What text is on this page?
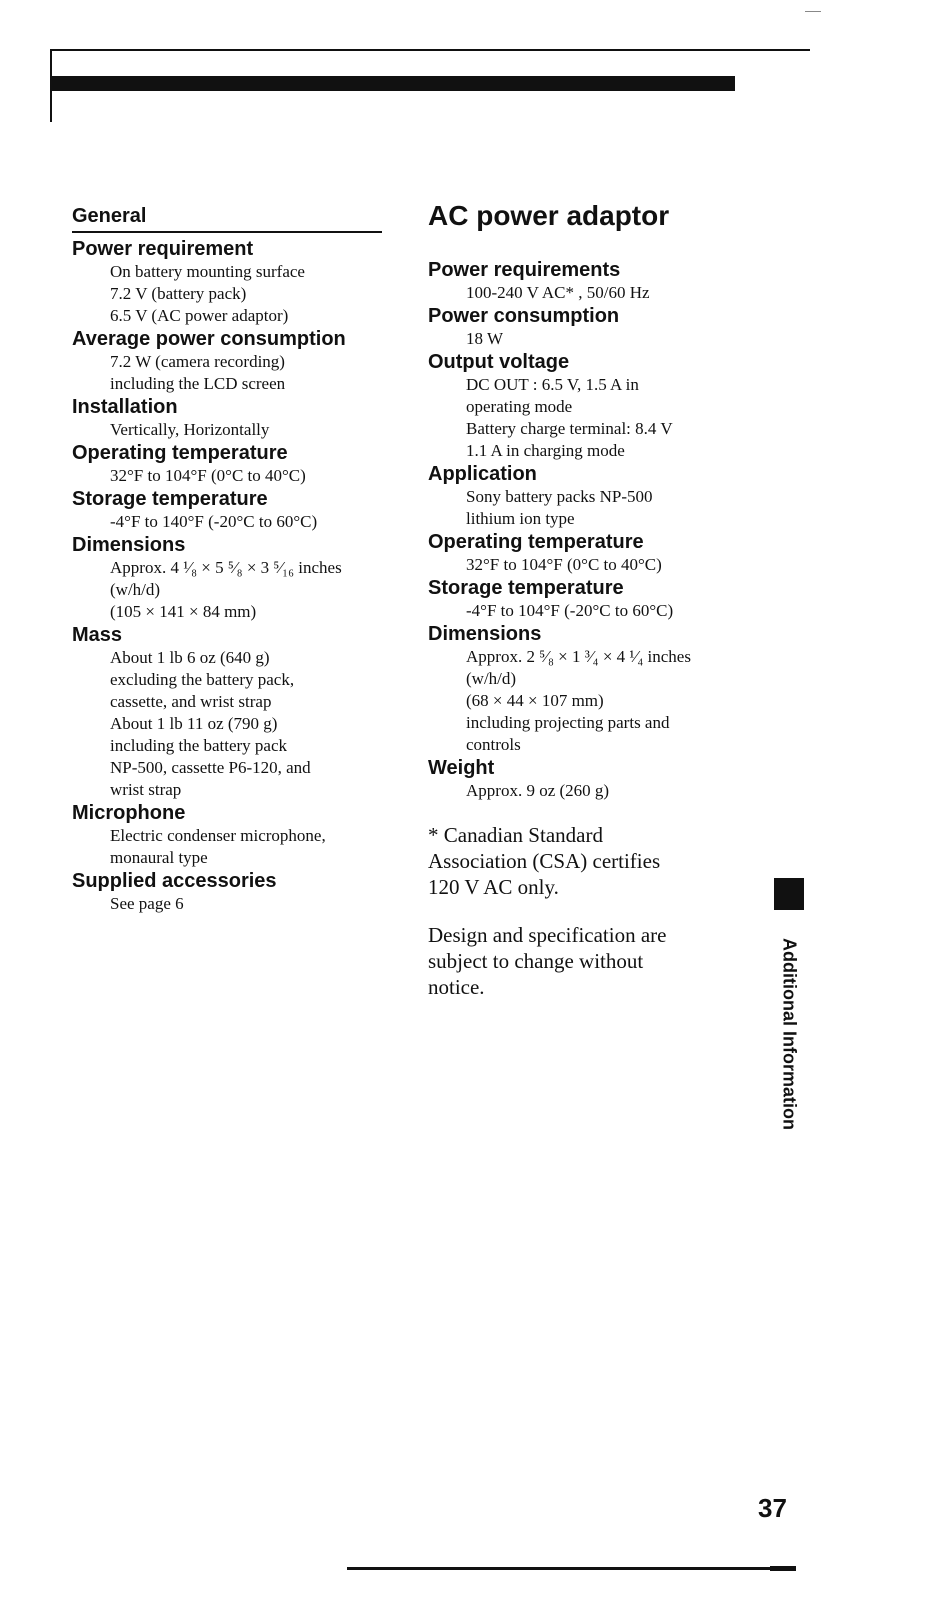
General
Power requirement
On battery mounting surface
7.2 V (battery pack)
6.5 V (AC power adaptor)
Average power consumption
7.2 W (camera recording)
including the LCD screen
Installation
Vertically, Horizontally
Operating temperature
32°F to 104°F (0°C to 40°C)
Storage temperature
-4°F to 140°F (-20°C to 60°C)
Dimensions
Approx. 4 ¹⁄₈ × 5 ⁵⁄₈ × 3 ⁵⁄₁₆ inches
(w/h/d)
(105 × 141 × 84 mm)
Mass
About 1 lb 6 oz (640 g)
excluding the battery pack,
cassette, and wrist strap
About 1 lb 11 oz (790 g)
including the battery pack
NP-500, cassette P6-120, and
wrist strap
Microphone
Electric condenser microphone,
monaural type
Supplied accessories
See page 6
AC power adaptor
Power requirements
100-240 V AC* , 50/60 Hz
Power consumption
18 W
Output voltage
DC OUT : 6.5 V, 1.5 A in
operating mode
Battery charge terminal: 8.4 V
1.1 A in charging mode
Application
Sony battery packs NP-500
lithium ion type
Operating temperature
32°F to 104°F (0°C to 40°C)
Storage temperature
-4°F to 104°F (-20°C to 60°C)
Dimensions
Approx. 2 ⁵⁄₈ × 1 ³⁄₄ × 4 ¹⁄₄ inches
(w/h/d)
(68 × 44 × 107 mm)
including projecting parts and
controls
Weight
Approx. 9 oz (260 g)
* Canadian Standard
Association (CSA) certifies
120 V AC only.
Design and specification are
subject to change without
notice.	Additional Information
37
